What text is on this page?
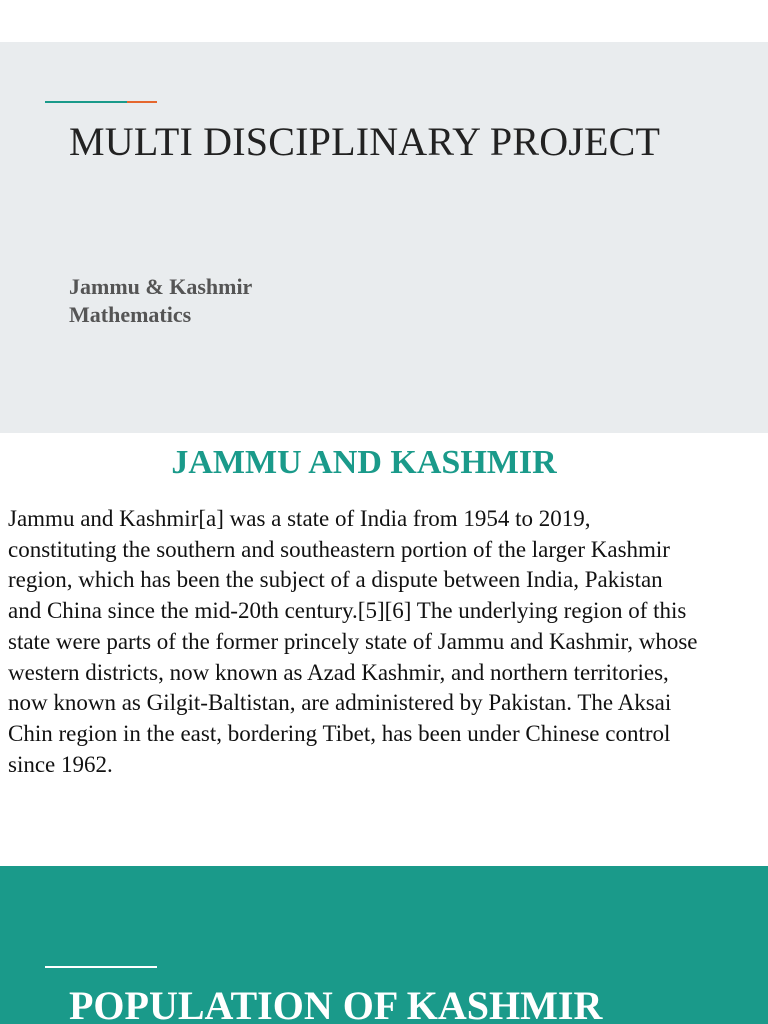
MULTI DISCIPLINARY PROJECT
Jammu & Kashmir
Mathematics
JAMMU AND KASHMIR

Jammu and Kashmir[a] was a state of India from 1954 to 2019, constituting the southern and southeastern portion of the larger Kashmir region, which has been the subject of a dispute between India, Pakistan and China since the mid-20th century.[5][6] The underlying region of this state were parts of the former princely state of Jammu and Kashmir, whose western districts, now known as Azad Kashmir, and northern territories, now known as Gilgit-Baltistan, are administered by Pakistan. The Aksai Chin region in the east, bordering Tibet, has been under Chinese control since 1962.

POPULATION OF KASHMIR
